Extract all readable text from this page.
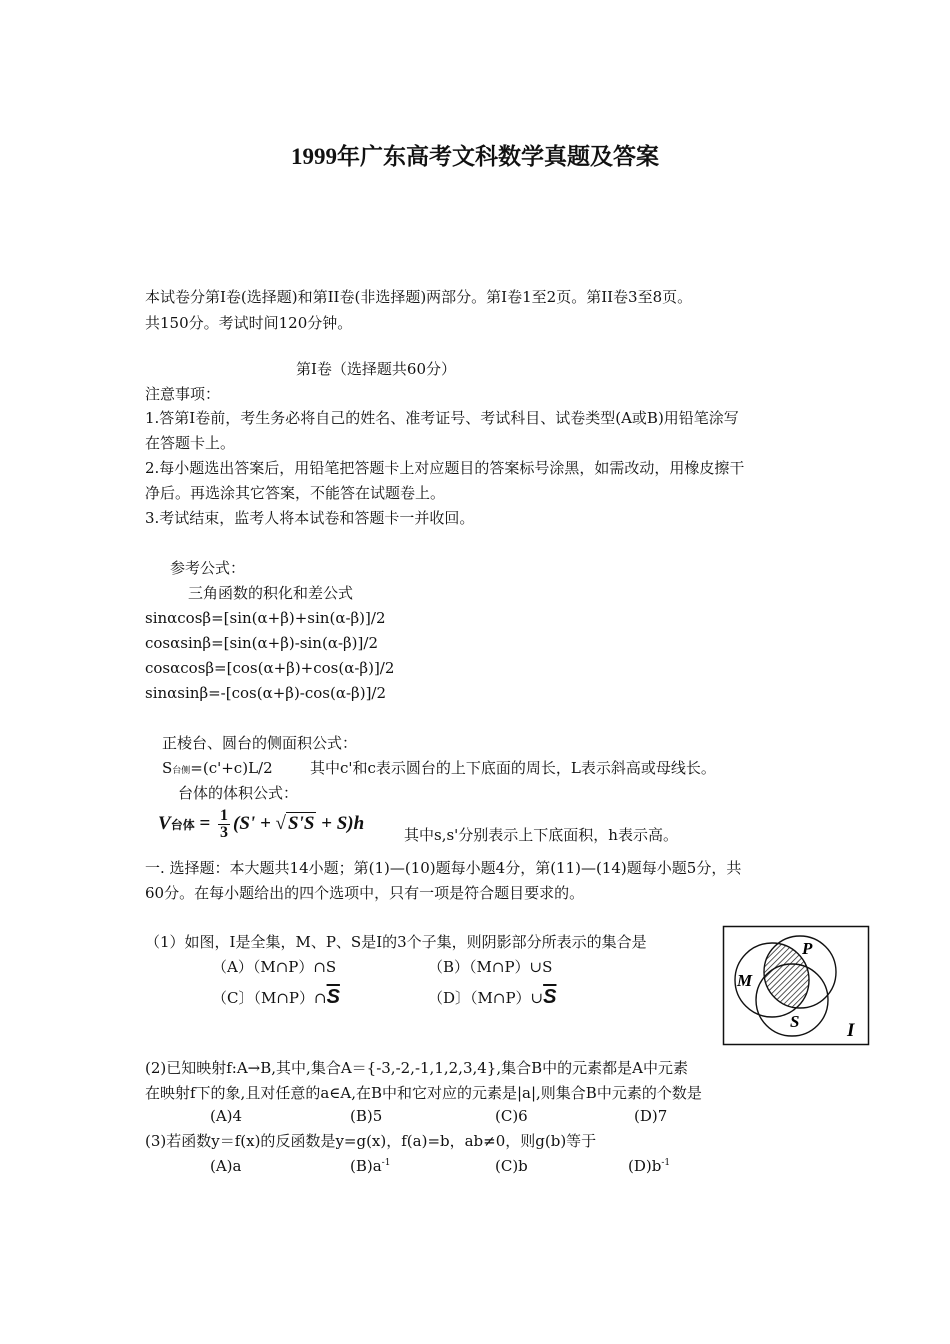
1999年广东高考文科数学真题及答案
本试卷分第Ⅰ卷(选择题)和第II卷(非选择题)两部分。第Ⅰ卷1至2页。第II卷3至8页。
共150分。考试时间120分钟。
第Ⅰ卷（选择题共60分）
注意事项：
1.答第Ⅰ卷前，考生务必将自己的姓名、准考证号、考试科目、试卷类型(A或B)用铅笔涂写
在答题卡上。
2.每小题选出答案后，用铅笔把答题卡上对应题目的答案标号涂黑，如需改动，用橡皮擦干
净后。再选涂其它答案，不能答在试题卷上。
3.考试结束，监考人将本试卷和答题卡一并收回。
参考公式：
三角函数的积化和差公式
sinαcosβ=[sin(α+β)+sin(α-β)]/2
cosαsinβ=[sin(α+β)-sin(α-β)]/2
cosαcosβ=[cos(α+β)+cos(α-β)]/2
sinαsinβ=-[cos(α+β)-cos(α-β)]/2
正棱台、圆台的侧面积公式：
S台侧=(c'+c)L/2 其中c'和c表示圆台的上下底面的周长，L表示斜高或母线长。
台体的体积公式：
V台体 = $\frac{1}{3} (S'$ + √ S'S + S)h
其中s,s'分别表示上下底面积，h表示高。
一. 选择题：本大题共14小题；第(1)—(10)题每小题4分，第(11)—(14)题每小题5分，共
60分。在每小题给出的四个选项中，只有一项是符合题目要求的。
（1）如图，I是全集，M、P、S是I的3个子集，则阴影部分所表示的集合是
（A）（M∩P）∩S	（B）（M∩P）∪S
（C〕$(M\cap P)\cap\overline{S}$	（D〕$(M\cap P)\cup\overline{S}$
P
M
S	I
(2)已知映射f:A→B,其中,集合A＝{-3,-2,-1,1,2,3,4},集合B中的元素都是A中元素
在映射f下的象,且对任意的a∈A,在B中和它对应的元素是|a|,则集合B中元素的个数是
(A)4	(B)5	(C)6	(D)7
(3)若函数y＝f(x)的反函数是y=g(x)，f(a)=b，ab≠0，则g(b)等于
(A)a	$(B)a^{-1}$	(C)b	$(D)b^{-1}$
